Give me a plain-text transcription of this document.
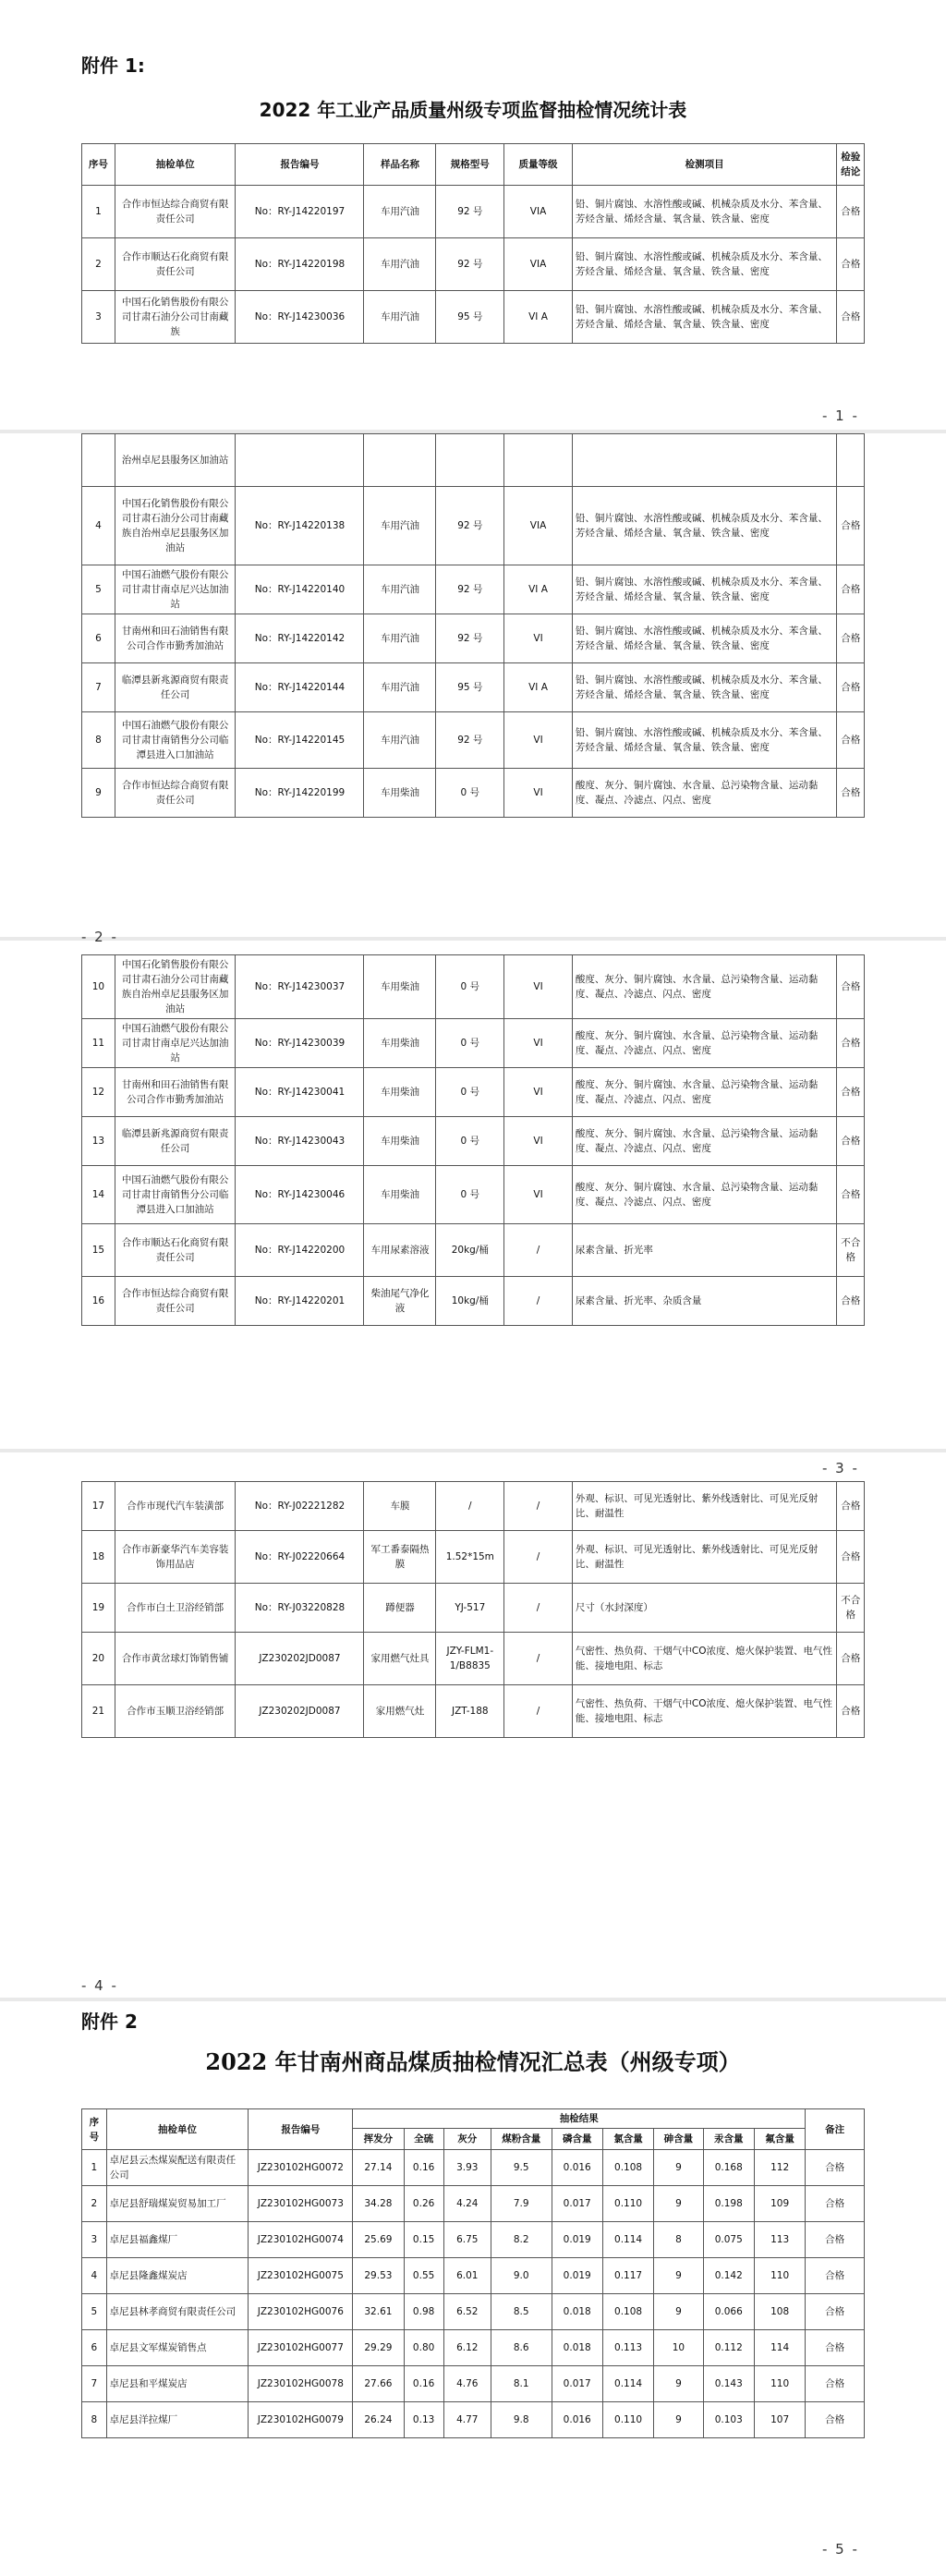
附件 1:
2022 年工业产品质量州级专项监督抽检情况统计表
序号	抽检单位	报告编号	样品名称	规格型号	质量等级	检测项目	检验结论
1	合作市恒达综合商贸有限责任公司	No：RY-J14220197	车用汽油	92 号	VIA	铅、铜片腐蚀、水溶性酸或碱、机械杂质及水分、苯含量、芳烃含量、烯烃含量、氧含量、铁含量、密度	合格
2	合作市顺达石化商贸有限责任公司	No：RY-J14220198	车用汽油	92 号	VIA	铅、铜片腐蚀、水溶性酸或碱、机械杂质及水分、苯含量、芳烃含量、烯烃含量、氧含量、铁含量、密度	合格
3	中国石化销售股份有限公司甘肃石油分公司甘南藏族	No：RY-J14230036	车用汽油	95 号	VI A	铅、铜片腐蚀、水溶性酸或碱、机械杂质及水分、苯含量、芳烃含量、烯烃含量、氧含量、铁含量、密度	合格
- 1 -
	治州卓尼县服务区加油站						
4	中国石化销售股份有限公司甘肃石油分公司甘南藏族自治州卓尼县服务区加油站	No：RY-J14220138	车用汽油	92 号	VIA	铅、铜片腐蚀、水溶性酸或碱、机械杂质及水分、苯含量、芳烃含量、烯烃含量、氧含量、铁含量、密度	合格
5	中国石油燃气股份有限公司甘肃甘南卓尼兴达加油站	No：RY-J14220140	车用汽油	92 号	VI A	铅、铜片腐蚀、水溶性酸或碱、机械杂质及水分、苯含量、芳烃含量、烯烃含量、氧含量、铁含量、密度	合格
6	甘南州和田石油销售有限公司合作市勤秀加油站	No：RY-J14220142	车用汽油	92 号	VI	铅、铜片腐蚀、水溶性酸或碱、机械杂质及水分、苯含量、芳烃含量、烯烃含量、氧含量、铁含量、密度	合格
7	临潭县新兆源商贸有限责任公司	No：RY-J14220144	车用汽油	95 号	VI A	铅、铜片腐蚀、水溶性酸或碱、机械杂质及水分、苯含量、芳烃含量、烯烃含量、氧含量、铁含量、密度	合格
8	中国石油燃气股份有限公司甘肃甘南销售分公司临潭县进入口加油站	No：RY-J14220145	车用汽油	92 号	VI	铅、铜片腐蚀、水溶性酸或碱、机械杂质及水分、苯含量、芳烃含量、烯烃含量、氧含量、铁含量、密度	合格
9	合作市恒达综合商贸有限责任公司	No：RY-J14220199	车用柴油	0 号	VI	酸度、灰分、铜片腐蚀、水含量、总污染物含量、运动黏度、凝点、冷滤点、闪点、密度	合格
- 2 -
10	中国石化销售股份有限公司甘肃石油分公司甘南藏族自治州卓尼县服务区加油站	No：RY-J14230037	车用柴油	0 号	VI	酸度、灰分、铜片腐蚀、水含量、总污染物含量、运动黏度、凝点、冷滤点、闪点、密度	合格
11	中国石油燃气股份有限公司甘肃甘南卓尼兴达加油站	No：RY-J14230039	车用柴油	0 号	VI	酸度、灰分、铜片腐蚀、水含量、总污染物含量、运动黏度、凝点、冷滤点、闪点、密度	合格
12	甘南州和田石油销售有限公司合作市勤秀加油站	No：RY-J14230041	车用柴油	0 号	VI	酸度、灰分、铜片腐蚀、水含量、总污染物含量、运动黏度、凝点、冷滤点、闪点、密度	合格
13	临潭县新兆源商贸有限责任公司	No：RY-J14230043	车用柴油	0 号	VI	酸度、灰分、铜片腐蚀、水含量、总污染物含量、运动黏度、凝点、冷滤点、闪点、密度	合格
14	中国石油燃气股份有限公司甘肃甘南销售分公司临潭县进入口加油站	No：RY-J14230046	车用柴油	0 号	VI	酸度、灰分、铜片腐蚀、水含量、总污染物含量、运动黏度、凝点、冷滤点、闪点、密度	合格
15	合作市顺达石化商贸有限责任公司	No：RY-J14220200	车用尿素溶液	20kg/桶	/	尿素含量、折光率	不合格
16	合作市恒达综合商贸有限责任公司	No：RY-J14220201	柴油尾气净化液	10kg/桶	/	尿素含量、折光率、杂质含量	合格
- 3 -
17	合作市现代汽车装潢部	No：RY-J02221282	车膜	/	/	外观、标识、可见光透射比、紫外线透射比、可见光反射比、耐温性	合格
18	合作市新豪华汽车美容装饰用品店	No：RY-J02220664	军工番泰隔热膜	1.52*15m	/	外观、标识、可见光透射比、紫外线透射比、可见光反射比、耐温性	合格
19	合作市白土卫浴经销部	No：RY-J03220828	蹲便器	YJ-517	/	尺寸（水封深度）	不合格
20	合作市黄岔球灯饰销售铺	JZ230202JD0087	家用燃气灶具	JZY-FLM1-1/B8835	/	气密性、热负荷、干烟气中CO浓度、熄火保护装置、电气性能、接地电阻、标志	合格
21	合作市玉顺卫浴经销部	JZ230202JD0087	家用燃气灶	JZT-188	/	气密性、热负荷、干烟气中CO浓度、熄火保护装置、电气性能、接地电阻、标志	合格
- 4 -
附件 2
2022 年甘南州商品煤质抽检情况汇总表（州级专项）
序号	抽检单位	报告编号	抽检结果									备注
			挥发分	全硫	灰分	煤粉含量	磷含量	氯含量	砷含量	汞含量	氟含量	
1	卓尼县云杰煤炭配送有限责任公司	JZ230102HG0072	27.14	0.16	3.93	9.5	0.016	0.108	9	0.168	112	合格
2	卓尼县舒瑞煤炭贸易加工厂	JZ230102HG0073	34.28	0.26	4.24	7.9	0.017	0.110	9	0.198	109	合格
3	卓尼县福鑫煤厂	JZ230102HG0074	25.69	0.15	6.75	8.2	0.019	0.114	8	0.075	113	合格
4	卓尼县隆鑫煤炭店	JZ230102HG0075	29.53	0.55	6.01	9.0	0.019	0.117	9	0.142	110	合格
5	卓尼县林孝商贸有限责任公司	JZ230102HG0076	32.61	0.98	6.52	8.5	0.018	0.108	9	0.066	108	合格
6	卓尼县文军煤炭销售点	JZ230102HG0077	29.29	0.80	6.12	8.6	0.018	0.113	10	0.112	114	合格
7	卓尼县和平煤炭店	JZ230102HG0078	27.66	0.16	4.76	8.1	0.017	0.114	9	0.143	110	合格
8	卓尼县洋拉煤厂	JZ230102HG0079	26.24	0.13	4.77	9.8	0.016	0.110	9	0.103	107	合格
- 5 -
